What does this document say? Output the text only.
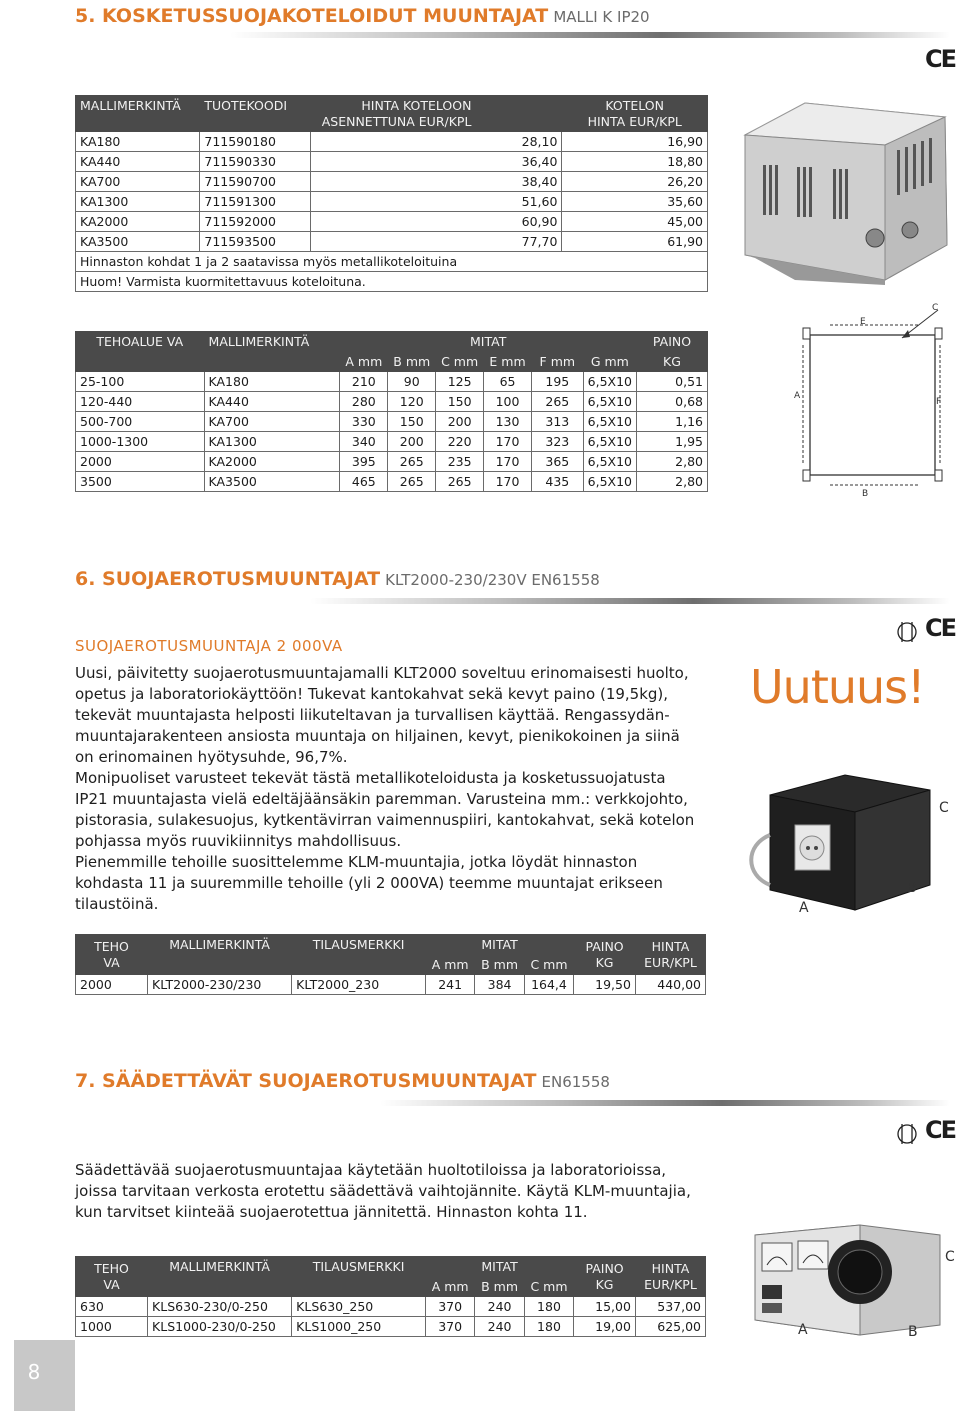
5. KOSKETUSSUOJAKOTELOIDUT MUUNTAJAT MALLI K IP20
CE
MALLIMERKINTÄ	TUOTEKOODI	HINTA KOTELOON
ASENNETTUNA EUR/KPL	KOTELON
HINTA EUR/KPL

KA180	711590180	28,10	16,90
KA440	711590330	36,40	18,80
KA700	711590700	38,40	26,20
KA1300	711591300	51,60	35,60
KA2000	711592000	60,90	45,00
KA3500	711593500	77,70	61,90
Hinnaston kohdat 1 ja 2 saatavissa myös metallikoteloituina			
Huom! Varmista kuormitettavuus koteloituna.			
TEHOALUE VA	MALLIMERKINTÄ	MITAT						PAINO
		A mm	B mm	C mm	E mm	F mm	G mm	KG
25-100	KA180	210	90	125	65	195	6,5X10	0,51
120-440	KA440	280	120	150	100	265	6,5X10	0,68
500-700	KA700	330	150	200	130	313	6,5X10	1,16
1000-1300	KA1300	340	200	220	170	323	6,5X10	1,95
2000	KA2000	395	265	235	170	365	6,5X10	2,80
3500	KA3500	465	265	265	170	435	6,5X10	2,80
E
C
A
F
B
6. SUOJAEROTUSMUUNTAJAT KLT2000-230/230V EN61558
CE
SUOJAEROTUSMUUNTAJA 2 000VA
Uusi, päivitetty suojaerotusmuuntajamalli KLT2000 soveltuu erinomaisesti huolto,
opetus ja laboratoriokäyttöön! Tukevat kantokahvat sekä kevyt paino (19,5kg),
tekevät muuntajasta helposti liikuteltavan ja turvallisen käyttää. Rengassydän-
muuntajarakenteen ansiosta muuntaja on hiljainen, kevyt, pienikokoinen ja siinä
on erinomainen hyötysuhde, 96,7%.
Monipuoliset varusteet tekevät tästä metallikoteloidusta ja kosketussuojatusta
IP21 muuntajasta vielä edeltäjäänsäkin paremman. Varusteina mm.: verkkojohto,
pistorasia, sulakesuojus, kytkentävirran vaimennuspiiri, kantokahvat, sekä kotelon
pohjassa myös ruuvikiinnitys mahdollisuus.
Pienemmille tehoille suosittelemme KLM-muuntajia, jotka löydät hinnaston
kohdasta 11 ja suuremmille tehoille (yli 2 000VA) teemme muuntajat erikseen
tilaustöinä.
Uutuus!
C
B
A
TEHO
VA	MALLIMERKINTÄ	TILAUSMERKKI	MITAT			PAINO
KG	HINTA
EUR/KPL

			A mm	B mm	C mm		
2000	KLT2000-230/230	KLT2000_230	241	384	164,4	19,50	440,00
7. SÄÄDETTÄVÄT SUOJAEROTUSMUUNTAJAT EN61558
CE
Säädettävää suojaerotusmuuntajaa käytetään huoltotiloissa ja laboratorioissa,
joissa tarvitaan verkosta erotettu säädettävä vaihtojännite. Käytä KLM-muuntajia,
kun tarvitset kiinteää suojaerotettua jännitettä. Hinnaston kohta 11.
C
A	B
TEHO
VA	MALLIMERKINTÄ	TILAUSMERKKI	MITAT			PAINO
KG	HINTA
EUR/KPL

			A mm	B mm	C mm		
630	KLS630-230/0-250	KLS630_250	370	240	180	15,00	537,00
1000	KLS1000-230/0-250	KLS1000_250	370	240	180	19,00	625,00
8
